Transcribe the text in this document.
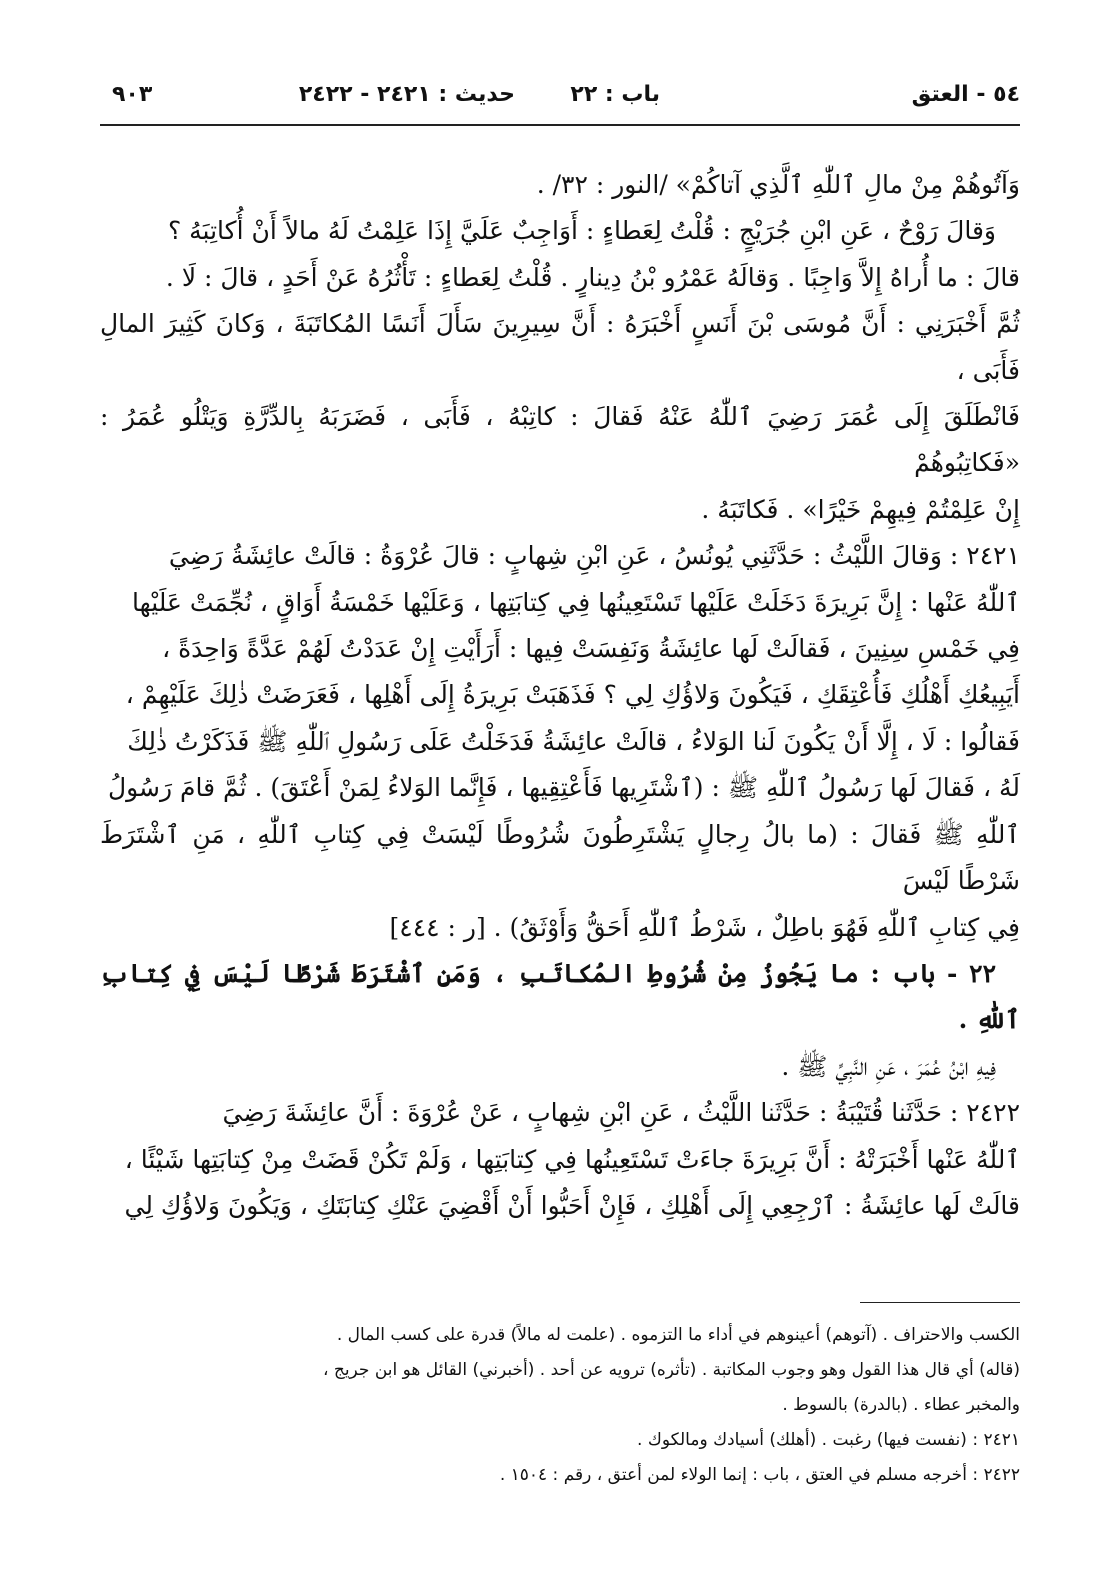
٥٤ - العتق
باب : ٢٢
حديث : ٢٤٢١ - ٢٤٢٢
٩٠٣

وَآتُوهُمْ مِنْ مالِ ٱللّٰهِ ٱلَّذِي آتاكُمْ» /النور : ٣٢/ .

وَقالَ رَوْحٌ ، عَنِ ابْنِ جُرَيْجٍ : قُلْتُ لِعَطاءٍ : أَوَاجِبٌ عَلَيَّ إِذَا عَلِمْتُ لَهُ مالاً أَنْ أُكاتِبَهُ ؟

قالَ : ما أُراهُ إِلاَّ وَاجِبًا . وَقالَهُ عَمْرُو بْنُ دِينارٍ . قُلْتُ لِعَطاءٍ : تَأْثُرُهُ عَنْ أَحَدٍ ، قالَ : لَا .

ثُمَّ أَخْبَرَنِي : أَنَّ مُوسَى بْنَ أَنَسٍ أَخْبَرَهُ : أَنَّ سِيرِينَ سَأَلَ أَنَسًا المُكاتَبَةَ ، وَكانَ كَثِيرَ المالِ فَأَبَى ،

فَانْطَلَقَ إِلَى عُمَرَ رَضِيَ ٱللّٰهُ عَنْهُ فَقالَ : كاتِبْهُ ، فَأَبَى ، فَضَرَبَهُ بِالدِّرَّةِ وَيَتْلُو عُمَرُ : «فَكاتِبُوهُمْ

إِنْ عَلِمْتُمْ فِيهِمْ خَيْرًا» . فَكاتَبَهُ .

٢٤٢١ : وَقالَ اللَّيْثُ : حَدَّثَنِي يُونُسُ ، عَنِ ابْنِ شِهابٍ : قالَ عُرْوَةُ : قالَتْ عائِشَةُ رَضِيَ

ٱللّٰهُ عَنْها : إِنَّ بَرِيرَةَ دَخَلَتْ عَلَيْها تَسْتَعِينُها فِي كِتابَتِها ، وَعَلَيْها خَمْسَةُ أَوَاقٍ ، نُجِّمَتْ عَلَيْها

فِي خَمْسِ سِنِينَ ، فَقالَتْ لَها عائِشَةُ وَنَفِسَتْ فِيها : أَرَأَيْتِ إِنْ عَدَدْتُ لَهُمْ عَدَّةً وَاحِدَةً ،

أَيَبِيعُكِ أَهْلُكِ فَأُعْتِقَكِ ، فَيَكُونَ وَلاؤُكِ لِي ؟ فَذَهَبَتْ بَرِيرَةُ إِلَى أَهْلِها ، فَعَرَضَتْ ذٰلِكَ عَلَيْهِمْ ،

فَقالُوا : لَا ، إِلَّا أَنْ يَكُونَ لَنا الوَلاءُ ، قالَتْ عائِشَةُ فَدَخَلْتُ عَلَى رَسُولِ ٱللّٰهِ ﷺ فَذَكَرْتُ ذٰلِكَ

لَهُ ، فَقالَ لَها رَسُولُ ٱللّٰهِ ﷺ : (ٱشْتَرِيها فَأَعْتِقِيها ، فَإِنَّما الوَلاءُ لِمَنْ أَعْتَقَ) . ثُمَّ قامَ رَسُولُ

ٱللّٰهِ ﷺ فَقالَ : (ما بالُ رِجالٍ يَشْتَرِطُونَ شُرُوطًا لَيْسَتْ فِي كِتابِ ٱللّٰهِ ، مَنِ ٱشْتَرَطَ شَرْطًا لَيْسَ

فِي كِتابِ ٱللّٰهِ فَهُوَ باطِلٌ ، شَرْطُ ٱللّٰهِ أَحَقُّ وَأَوْثَقُ) . [ر : ٤٤٤]

٢٢ - باب : ما يَجُوزُ مِنْ شُرُوطِ المُكاتَبِ ، وَمَنِ ٱشْتَرَطَ شَرْطًا لَيْسَ فِي كِتابِ ٱللّٰهِ .

فِيهِ ابْنُ عُمَرَ ، عَنِ النَّبِيِّ ﷺ .

٢٤٢٢ : حَدَّثَنا قُتَيْبَةُ : حَدَّثَنا اللَّيْثُ ، عَنِ ابْنِ شِهابٍ ، عَنْ عُرْوَةَ : أَنَّ عائِشَةَ رَضِيَ

ٱللّٰهُ عَنْها أَخْبَرَتْهُ : أَنَّ بَرِيرَةَ جاءَتْ تَسْتَعِينُها فِي كِتابَتِها ، وَلَمْ تَكُنْ قَضَتْ مِنْ كِتابَتِها شَيْئًا ،

قالَتْ لَها عائِشَةُ : ٱرْجِعِي إِلَى أَهْلِكِ ، فَإِنْ أَحَبُّوا أَنْ أَقْضِيَ عَنْكِ كِتابَتَكِ ، وَيَكُونَ وَلاؤُكِ لِي

الكسب والاحتراف . (آتوهم) أعينوهم في أداء ما التزموه . (علمت له مالاً) قدرة على كسب المال .

(قاله) أي قال هذا القول وهو وجوب المكاتبة . (تأثره) ترويه عن أحد . (أخبرني) القائل هو ابن جريج ،

والمخبر عطاء . (بالدرة) بالسوط .

٢٤٢١ : (نفست فيها) رغبت . (أهلك) أسيادك ومالكوك .

٢٤٢٢ : أخرجه مسلم في العتق ، باب : إنما الولاء لمن أعتق ، رقم : ١٥٠٤ .
